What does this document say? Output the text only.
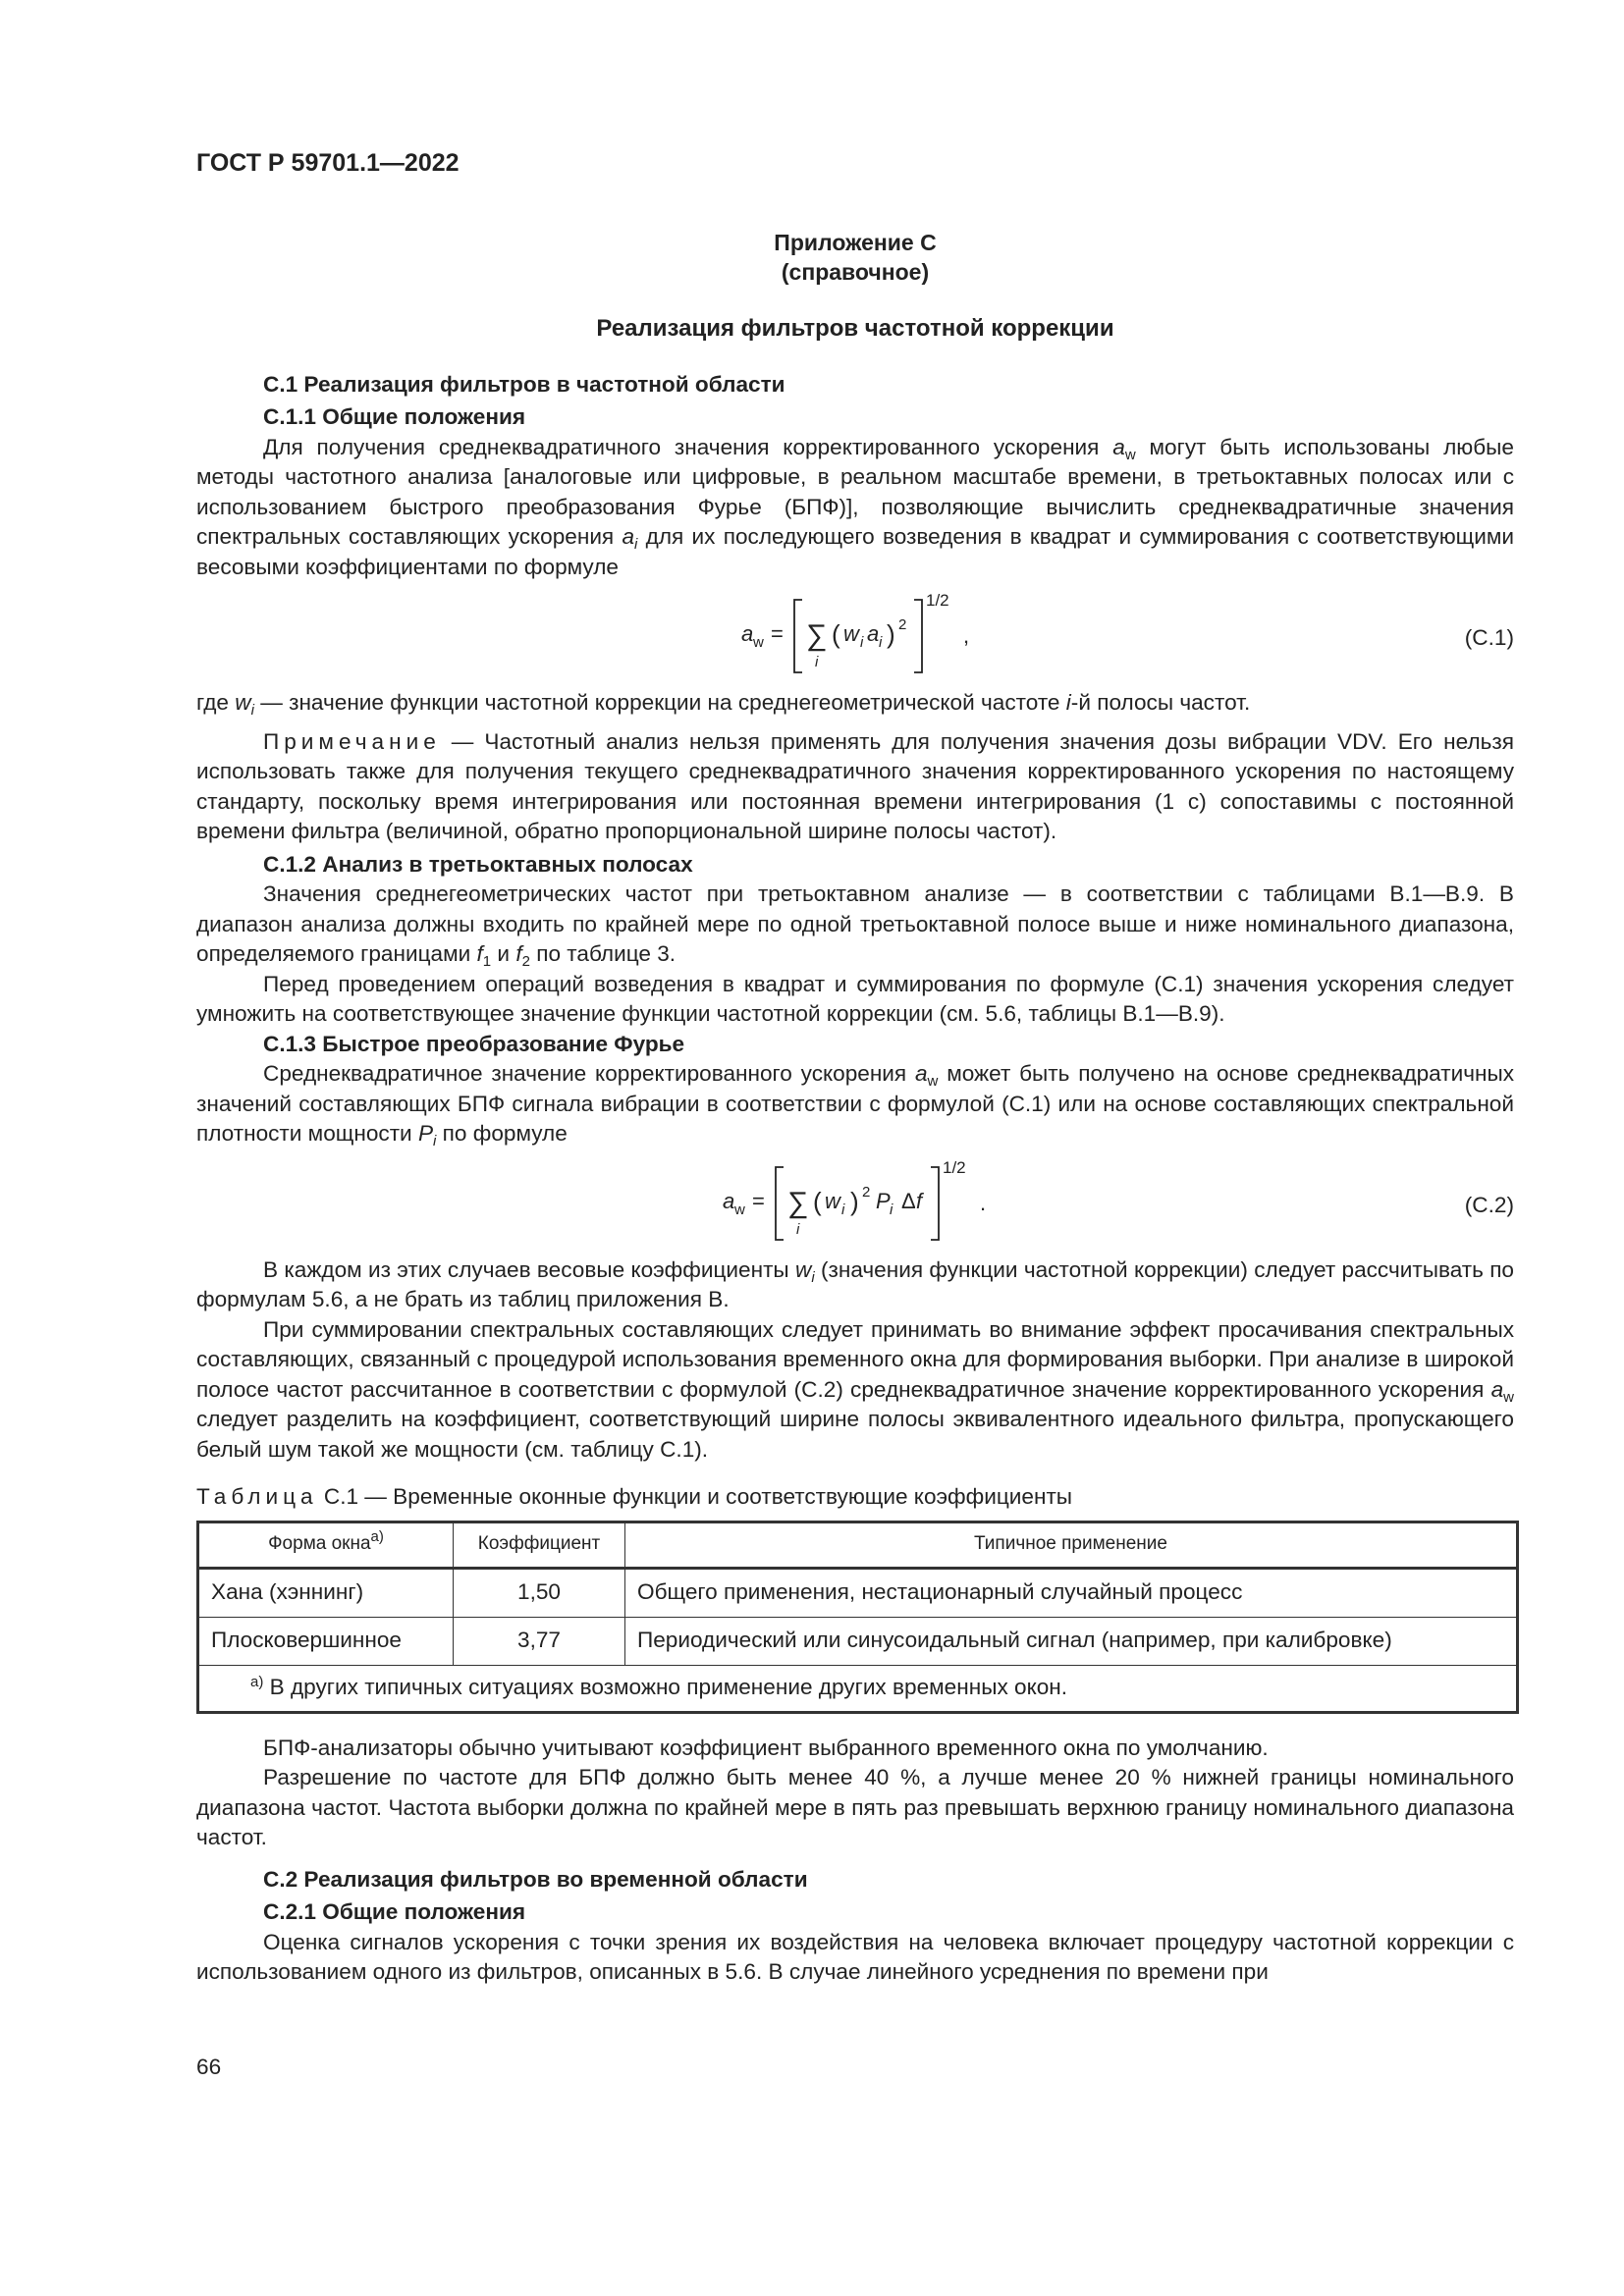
ГОСТ Р 59701.1—2022
Приложение С
(справочное)
Реализация фильтров частотной коррекции
С.1 Реализация фильтров в частотной области
С.1.1 Общие положения

Для получения среднеквадратичного значения корректированного ускорения $a_w$ могут быть использованы любые методы частотного анализа [аналоговые или цифровые, в реальном масштабе времени, в третьоктавных полосах или с использованием быстрого преобразования Фурье (БПФ)], позволяющие вычислить среднеквадратичные значения спектральных составляющих ускорения $a_i$ для их последующего возведения в квадрат и суммирования с соответствующими весовыми коэффициентами по формуле

a w = ∑
i
( w i a i ) 2
1/2
,	(С.1)

где $w_i$ — значение функции частотной коррекции на среднегеометрической частоте i-й полосы частот.

Примечание — Частотный анализ нельзя применять для получения значения дозы вибрации VDV. Его нельзя использовать также для получения текущего среднеквадратичного значения корректированного ускорения по настоящему стандарту, поскольку время интегрирования или постоянная времени интегрирования (1 с) сопоставимы с постоянной времени фильтра (величиной, обратно пропорциональной ширине полосы частот).

С.1.2 Анализ в третьоктавных полосах

Значения среднегеометрических частот при третьоктавном анализе — в соответствии с таблицами В.1—В.9. В диапазон анализа должны входить по крайней мере по одной третьоктавной полосе выше и ниже номинального диапазона, определяемого границами $f_1$ и $f_2$ по таблице 3.

Перед проведением операций возведения в квадрат и суммирования по формуле (С.1) значения ускорения следует умножить на соответствующее значение функции частотной коррекции (см. 5.6, таблицы В.1—В.9).

С.1.3 Быстрое преобразование Фурье

Среднеквадратичное значение корректированного ускорения $a_w$ может быть получено на основе среднеквадратичных значений составляющих БПФ сигнала вибрации в соответствии с формулой (С.1) или на основе составляющих спектральной плотности мощности $P_i$ по формуле

a w = ∑
i
( w i ) 2 P i Δ f
1/2
.	(С.2)

В каждом из этих случаев весовые коэффициенты $w_i$ (значения функции частотной коррекции) следует рассчитывать по формулам 5.6, а не брать из таблиц приложения В.

При суммировании спектральных составляющих следует принимать во внимание эффект просачивания спектральных составляющих, связанный с процедурой использования временного окна для формирования выборки. При анализе в широкой полосе частот рассчитанное в соответствии с формулой (С.2) среднеквадратичное значение корректированного ускорения $a_w$ следует разделить на коэффициент, соответствующий ширине полосы эквивалентного идеального фильтра, пропускающего белый шум такой же мощности (см. таблицу С.1).

Таблица С.1 — Временные оконные функции и соответствующие коэффициенты
Форма окна$^{а)}$	Коэффициент	Типичное применение
Хана (хэннинг)	1,50	Общего применения, нестационарный случайный процесс
Плосковершинное	3,77	Периодический или синусоидальный сигнал (например, при калибровке)
$^{а)}$ В других типичных ситуациях возможно применение других временных окон.		

БПФ-анализаторы обычно учитывают коэффициент выбранного временного окна по умолчанию.

Разрешение по частоте для БПФ должно быть менее 40 %, а лучше менее 20 % нижней границы номинального диапазона частот. Частота выборки должна по крайней мере в пять раз превышать верхнюю границу номинального диапазона частот.

С.2 Реализация фильтров во временной области
С.2.1 Общие положения

Оценка сигналов ускорения с точки зрения их воздействия на человека включает процедуру частотной коррекции с использованием одного из фильтров, описанных в 5.6. В случае линейного усреднения по времени при

66
